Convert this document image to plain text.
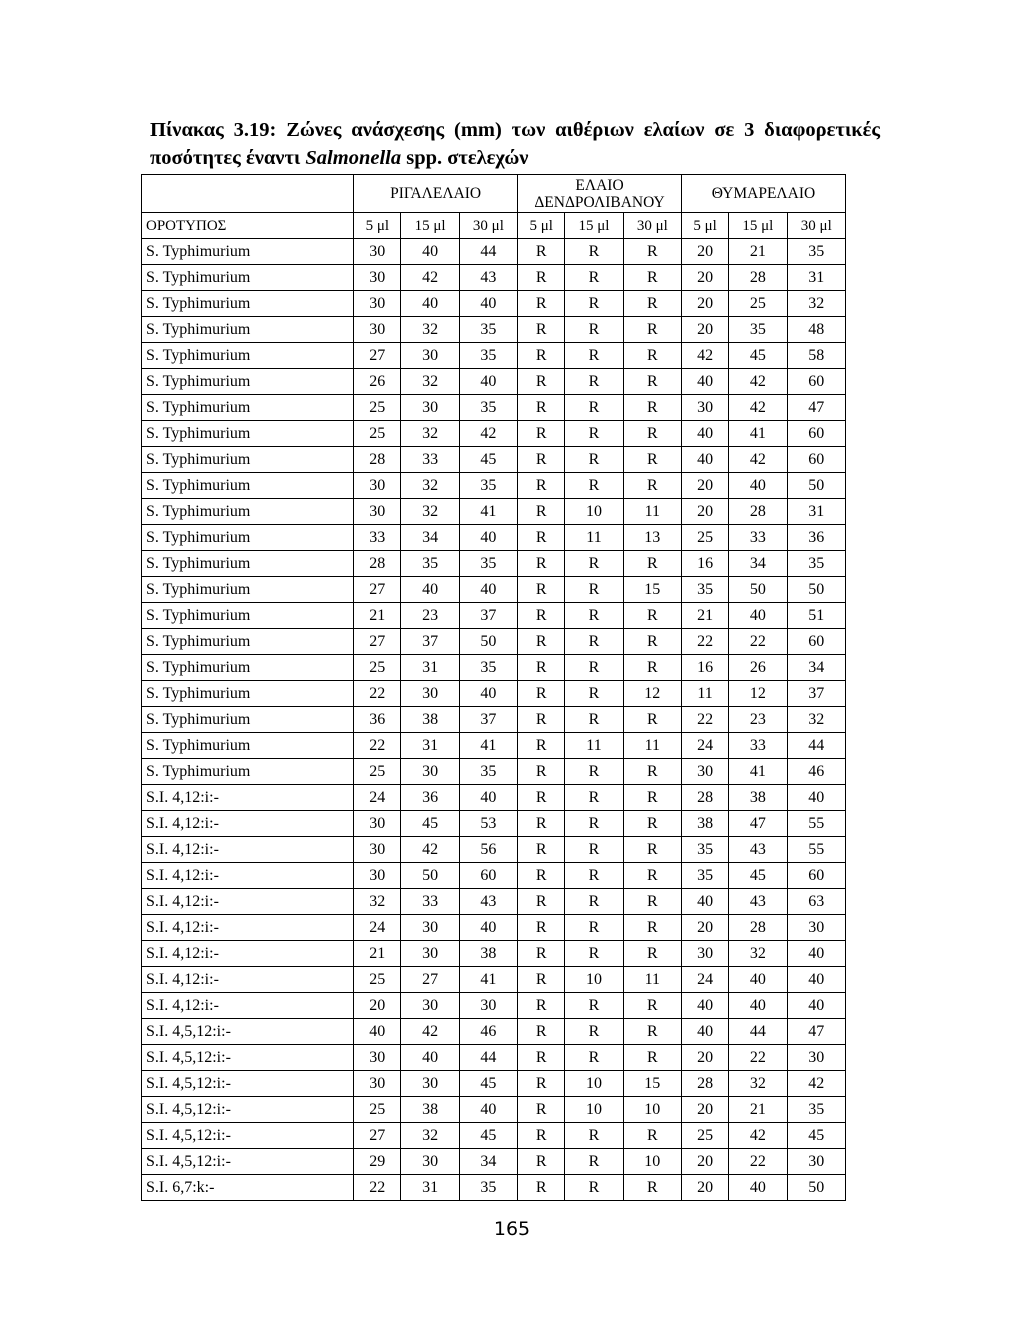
Πίνακας 3.19: Ζώνες ανάσχεσης (mm) των αιθέριων ελαίων σε 3 διαφορετικές
ποσότητες έναντι Salmonella spp. στελεχών
	ΡΙΓΑΛΕΛΑΙΟ			ΕΛΑΙΟ ΔΕΝΔΡΟΛΙΒΑΝΟΥ			ΘΥΜΑΡΕΛΑΙΟ		
ΟΡΟΤΥΠΟΣ	5 μl	15 μl	30 μl	5 μl	15 μl	30 μl	5 μl	15 μl	30 μl
S. Typhimurium	30	40	44	R	R	R	20	21	35
S. Typhimurium	30	42	43	R	R	R	20	28	31
S. Typhimurium	30	40	40	R	R	R	20	25	32
S. Typhimurium	30	32	35	R	R	R	20	35	48
S. Typhimurium	27	30	35	R	R	R	42	45	58
S. Typhimurium	26	32	40	R	R	R	40	42	60
S. Typhimurium	25	30	35	R	R	R	30	42	47
S. Typhimurium	25	32	42	R	R	R	40	41	60
S. Typhimurium	28	33	45	R	R	R	40	42	60
S. Typhimurium	30	32	35	R	R	R	20	40	50
S. Typhimurium	30	32	41	R	10	11	20	28	31
S. Typhimurium	33	34	40	R	11	13	25	33	36
S. Typhimurium	28	35	35	R	R	R	16	34	35
S. Typhimurium	27	40	40	R	R	15	35	50	50
S. Typhimurium	21	23	37	R	R	R	21	40	51
S. Typhimurium	27	37	50	R	R	R	22	22	60
S. Typhimurium	25	31	35	R	R	R	16	26	34
S. Typhimurium	22	30	40	R	R	12	11	12	37
S. Typhimurium	36	38	37	R	R	R	22	23	32
S. Typhimurium	22	31	41	R	11	11	24	33	44
S. Typhimurium	25	30	35	R	R	R	30	41	46
S.I. 4,12:i:-	24	36	40	R	R	R	28	38	40
S.I. 4,12:i:-	30	45	53	R	R	R	38	47	55
S.I. 4,12:i:-	30	42	56	R	R	R	35	43	55
S.I. 4,12:i:-	30	50	60	R	R	R	35	45	60
S.I. 4,12:i:-	32	33	43	R	R	R	40	43	63
S.I. 4,12:i:-	24	30	40	R	R	R	20	28	30
S.I. 4,12:i:-	21	30	38	R	R	R	30	32	40
S.I. 4,12:i:-	25	27	41	R	10	11	24	40	40
S.I. 4,12:i:-	20	30	30	R	R	R	40	40	40
S.I. 4,5,12:i:-	40	42	46	R	R	R	40	44	47
S.I. 4,5,12:i:-	30	40	44	R	R	R	20	22	30
S.I. 4,5,12:i:-	30	30	45	R	10	15	28	32	42
S.I. 4,5,12:i:-	25	38	40	R	10	10	20	21	35
S.I. 4,5,12:i:-	27	32	45	R	R	R	25	42	45
S.I. 4,5,12:i:-	29	30	34	R	R	10	20	22	30
S.I. 6,7:k:-	22	31	35	R	R	R	20	40	50
165
